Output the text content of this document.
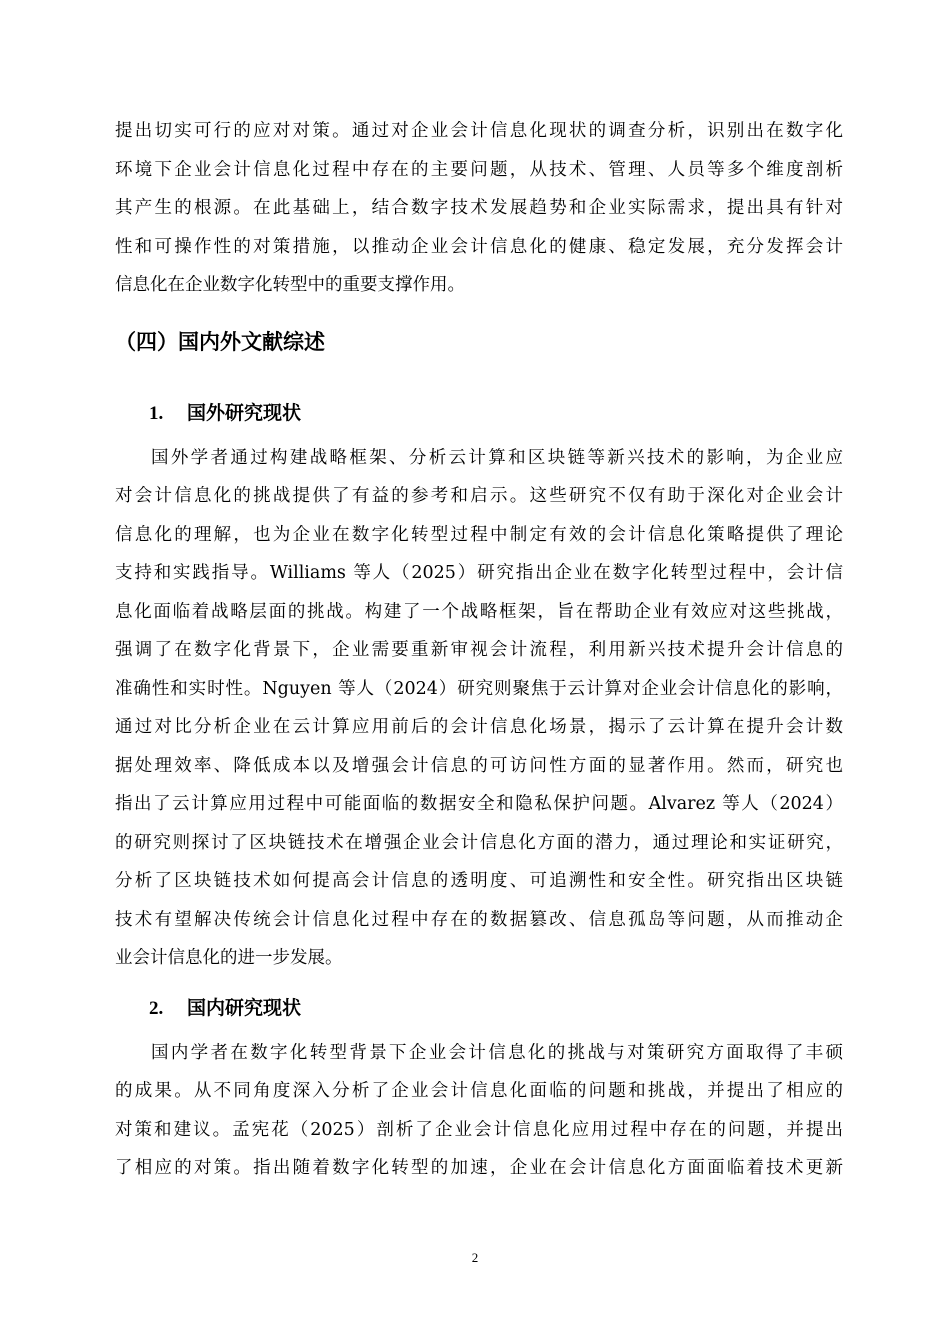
提出切实可行的应对对策。通过对企业会计信息化现状的调查分析，识别出在数字化
环境下企业会计信息化过程中存在的主要问题，从技术、管理、人员等多个维度剖析
其产生的根源。在此基础上，结合数字技术发展趋势和企业实际需求，提出具有针对
性和可操作性的对策措施，以推动企业会计信息化的健康、稳定发展，充分发挥会计
信息化在企业数字化转型中的重要支撑作用。
（四）国内外文献综述
1. 国外研究现状
国外学者通过构建战略框架、分析云计算和区块链等新兴技术的影响，为企业应
对会计信息化的挑战提供了有益的参考和启示。这些研究不仅有助于深化对企业会计
信息化的理解，也为企业在数字化转型过程中制定有效的会计信息化策略提供了理论
支持和实践指导。Williams 等人（2025）研究指出企业在数字化转型过程中，会计信
息化面临着战略层面的挑战。构建了一个战略框架，旨在帮助企业有效应对这些挑战，
强调了在数字化背景下，企业需要重新审视会计流程，利用新兴技术提升会计信息的
准确性和实时性。Nguyen 等人（2024）研究则聚焦于云计算对企业会计信息化的影响，
通过对比分析企业在云计算应用前后的会计信息化场景，揭示了云计算在提升会计数
据处理效率、降低成本以及增强会计信息的可访问性方面的显著作用。然而，研究也
指出了云计算应用过程中可能面临的数据安全和隐私保护问题。Alvarez 等人（2024）
的研究则探讨了区块链技术在增强企业会计信息化方面的潜力，通过理论和实证研究，
分析了区块链技术如何提高会计信息的透明度、可追溯性和安全性。研究指出区块链
技术有望解决传统会计信息化过程中存在的数据篡改、信息孤岛等问题，从而推动企
业会计信息化的进一步发展。
2. 国内研究现状
国内学者在数字化转型背景下企业会计信息化的挑战与对策研究方面取得了丰硕
的成果。从不同角度深入分析了企业会计信息化面临的问题和挑战，并提出了相应的
对策和建议。孟宪花（2025）剖析了企业会计信息化应用过程中存在的问题，并提出
了相应的对策。指出随着数字化转型的加速，企业在会计信息化方面面临着技术更新
2
